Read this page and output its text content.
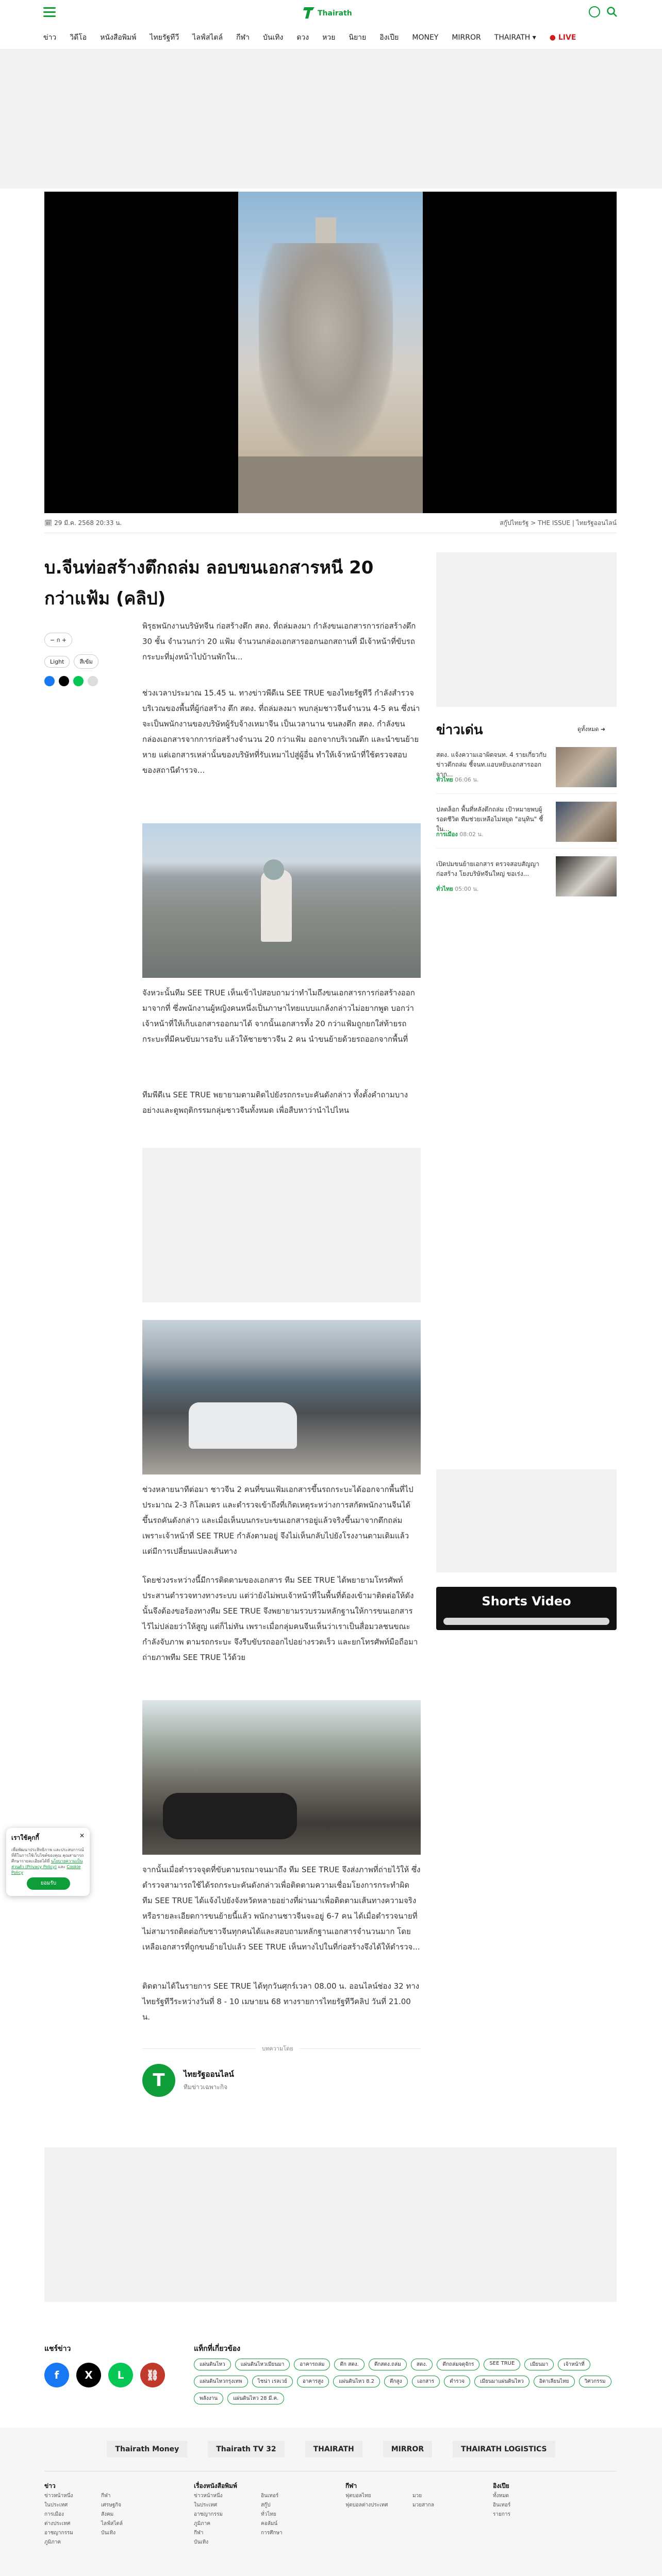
Thairath
ข่าว	วิดีโอ	หนังสือพิมพ์	ไทยรัฐทีวี	ไลฟ์สไตล์	กีฬา	บันเทิง	ดวง	หวย	นิยาย	อิงเปีย	MONEY	MIRROR	THAIRATH ▾	● LIVE
🗓 29 มี.ค. 2568 20:33 น.	สกู๊ปไทยรัฐ > THE ISSUE | ไทยรัฐออนไลน์
บ.จีนท่อสร้างตึกถล่ม ลอบขนเอกสารหนี 20 กว่าแฟ้ม (คลิป)
− ก +
Light	สีเข้ม

พิรุธพนักงานบริษัทจีน ก่อสร้างตึก สตง. ที่ถล่มลงมา กำลังขนเอกสารการก่อสร้างตึก 30 ชั้น จำนวนกว่า 20 แฟ้ม จำนวนกล่องเอกสารออกนอกสถานที่ มีเจ้าหน้าที่ขับรถกระบะที่มุ่งหน้าไปบ้านพักใน...

ช่วงเวลาประมาณ 15.45 น. ทางข่าวพีดีเน SEE TRUE ของไทยรัฐทีวี กำลังสำรวจบริเวณของพื้นที่ผู้ก่อสร้าง ตึก สตง. ที่ถล่มลงมา พบกลุ่มชาวจีนจำนวน 4-5 คน ซึ่งน่าจะเป็นพนักงานของบริษัทผู้รับจ้างเหมาจีน เป็นเวลานาน ขนลงตึก สตง. กำลังขนกล่องเอกสารจากการก่อสร้างจำนวน 20 กว่าแฟ้ม ออกจากบริเวณตึก และนำขนย้ายหาย แต่เอกสารเหล่านั้นของบริษัทที่รับเหมาไปสู่ผู้อื่น ทำให้เจ้าหน้าที่ใช้ตรวจสอบของสถานีตำรวจ...

จังหวะนั้นทีม SEE TRUE เห็นเข้าไปสอบถามว่าทำไมถึงขนเอกสารการก่อสร้างออกมาจากที่ ซึ่งพนักงานผู้หญิงคนหนึ่งเป็นภาษาไทยแบบแกล้งกล่าวไม่อยากพูด บอกว่าเจ้าหน้าที่ให้เก็บเอกสารออกมาได้ จากนั้นเอกสารทั้ง 20 กว่าแฟ้มถูกยกใส่ท้ายรถกระบะที่มีคนขับมารอรับ แล้วให้ชายชาวจีน 2 คน นำขนย้ายด้วยรถออกจากพื้นที่

ทีมพีดีเน SEE TRUE พยายามตามติดไปยังรถกระบะคันดังกล่าว ทั้งตั้งคำถามบางอย่างและดูพฤติกรรมกลุ่มชาวจีนทั้งหมด เพื่อสืบหาว่านำไปไหน

ช่วงหลายนาทีต่อมา ชาวจีน 2 คนที่ขนแฟ้มเอกสารขึ้นรถกระบะได้ออกจากพื้นที่ไปประมาณ 2-3 กิโลเมตร และตำรวจเข้าถึงที่เกิดเหตุระหว่างการสกัดพนักงานจีนได้ขึ้นรถคันดังกล่าว และเมื่อเห็นบนกระบะขนเอกสารอยู่แล้วจริงขึ้นมาจากตึกถล่ม เพราะเจ้าหน้าที่ SEE TRUE กำลังตามอยู่ จึงไม่เห็นกลับไปยังโรงงานตามเดิมแล้ว แต่มีการเปลี่ยนแปลงเส้นทาง

โดยช่วงระหว่างนี้มีการติดตามของเอกสาร ทีม SEE TRUE ได้พยายามโทรศัพท์ประสานตำรวจทางทางระบบ แต่ว่ายังไม่พบเจ้าหน้าที่ในพื้นที่ต้องเข้ามาติดต่อให้ดังนั้นจึงต้องขอร้องทางทีม SEE TRUE จึงพยายามรวบรวมหลักฐานให้การขนเอกสารไว้ไม่ปล่อยว่าให้สูญ แต่ก็ไม่ทัน เพราะเมื่อกลุ่มคนจีนเห็นว่าเราเป็นสื่อมวลชนขณะกำลังจับภาพ ตามรถกระบะ จึงรีบขับรถออกไปอย่างรวดเร็ว และยกโทรศัพท์มือถือมาถ่ายภาพทีม SEE TRUE ไว้ด้วย

จากนั้นเมื่อตำรวจจุดที่ขับตามรถมาจนมาถึง ทีม SEE TRUE จึงส่งภาพที่ถ่ายไว้ให้ ซึ่งตำรวจสามารถใช้ได้รถกระบะคันดังกล่าวเพื่อติดตามความเชื่อมโยงการกระทำผิด ทีม SEE TRUE ได้แจ้งไปยังจังหวัดหลายอย่างที่ผ่านมาเพื่อติดตามเส้นทางความจริงหรือรายละเอียดการขนย้ายนี้แล้ว พนักงานชาวจีนจะอยู่ 6-7 คน ได้เมื่อตำรวจนายที่ไม่สามารถติดต่อกับชาวจีนทุกคนได้และสอบถามหลักฐานเอกสารจำนวนมาก โดยเหลือเอกสารที่ถูกขนย้ายไปแล้ว SEE TRUE เห็นทางไปในที่ก่อสร้างจึงได้ให้ตำรวจ...

ติดตามได้ในรายการ SEE TRUE ได้ทุกวันศุกร์เวลา 08.00 น. ออนไลน์ช่อง 32 ทางไทยรัฐทีวีระหว่างวันที่ 8 - 10 เมษายน 68 ทางรายการไทยรัฐทีวีคลิป วันที่ 21.00 น.

บทความโดย
T	ไทยรัฐออนไลน์
ทีมข่าวเฉพาะกิจ
ข่าวเด่น	ดูทั้งหมด ➜
สตง. แจ้งความเอาผิดจนท. 4 รายเกี่ยวกับข่าวตึกถล่ม ชี้จนท.แอบหยิบเอกสารออกจาก...
ทั่วไทย 06:06 น.
ปลดล็อก พื้นที่หลังตึกถล่ม เป้าหมายพบผู้รอดชีวิต ทีมช่วยเหลือไม่หยุด "อนุทิน" ชี้ใน...
การเมือง 08:02 น.
เปิดปมขนย้ายเอกสาร ตรวจสอบสัญญาก่อสร้าง โยงบริษัทจีนใหญ่ ขอเร่ง...
ทั่วไทย 05:00 น.
Shorts Video
เราใช้คุกกี้	✕
เพื่อพัฒนาประสิทธิภาพ และประสบการณ์ที่ดีในการใช้เว็บไซต์ของคุณ คุณสามารถศึกษารายละเอียดได้ที่ นโยบายความเป็นส่วนตัว (Privacy Policy) และ Cookie Policy
ยอมรับ
แชร์ข่าว
f	X	L	⛓
แท็กที่เกี่ยวข้อง
แผ่นดินไหว	แผ่นดินไหวเมียนมา	อาคารถล่ม	ตึก สตง.	ตึกสตง.ถล่ม	สตง.	ตึกถล่มจตุจักร	SEE TRUE	เมียนมา	เจ้าหน้าที่
แผ่นดินไหวกรุงเทพ	ไชน่า เรลเวย์	อาคารสูง	แผ่นดินไหว 8.2	ตึกสูง	เอกสาร	ตำรวจ	เมียนมาแผ่นดินไหว	อิตาเลียนไทย	วิศวกรรม
พลังงาน	แผ่นดินไหว 28 มี.ค.
Thairath Money	Thairath TV 32	THAIRATH	MIRROR	THAIRATH LOGISTICS
ข่าว
ข่าวหน้าหนึ่ง	กีฬา
ในประเทศ	เศรษฐกิจ
การเมือง	สังคม
ต่างประเทศ	ไลฟ์สไตล์
อาชญากรรม	บันเทิง
ภูมิภาค
เรื่องหนังสือพิมพ์
ข่าวหน้าหนึ่ง	อินเทอร์
ในประเทศ	สกู๊ป
อาชญากรรม	ทั่วไทย
ภูมิภาค	คอลัมน์
กีฬา	การศึกษา
บันเทิง
กีฬา
ฟุตบอลไทย	มวย
ฟุตบอลต่างประเทศ	มวยสากล
อิงเปีย
ทั้งหมด
อินเทอร์
รายการ
